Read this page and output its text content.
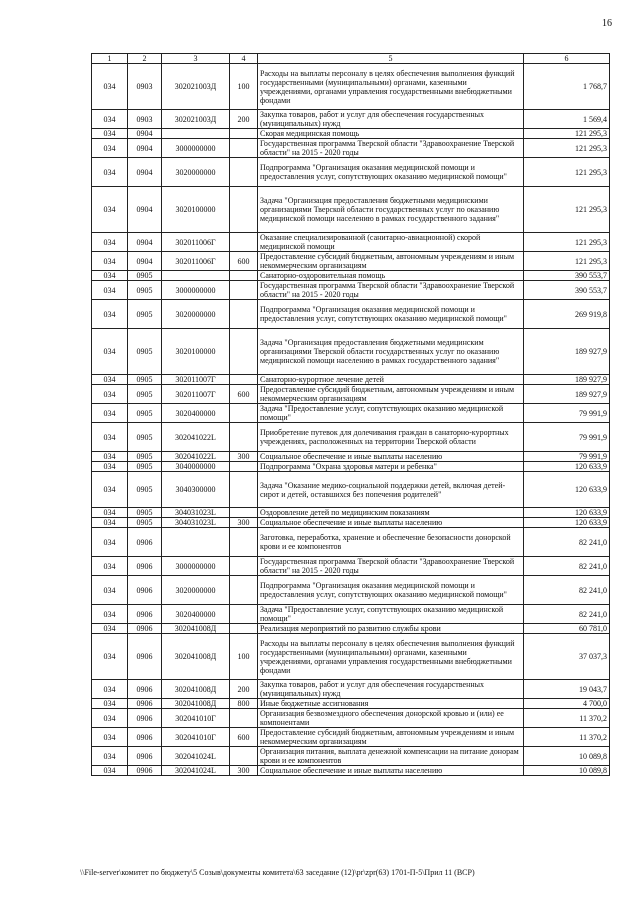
16
1	2	3	4	5	6
034	0903	302021003Д	100	Расходы на выплаты персоналу в целях обеспечения выполнения функций государственными (муниципальными) органами, казенными учреждениями, органами управления государственными внебюджетными фондами	1 768,7
034	0903	302021003Д	200	Закупка товаров, работ и услуг для обеспечения государственных (муниципальных) нужд	1 569,4
034	0904			Скорая медицинская помощь	121 295,3
034	0904	3000000000		Государственная программа Тверской области "Здравоохранение Тверской области" на 2015 - 2020 годы	121 295,3
034	0904	3020000000		Подпрограмма "Организация оказания медицинской помощи и предоставления услуг, сопутствующих оказанию медицинской помощи"	121 295,3
034	0904	3020100000		Задача "Организация предоставления бюджетными медицинскими организациями Тверской области государственных услуг по оказанию медицинской помощи населению в рамках государственного задания"	121 295,3
034	0904	302011006Г		Оказание специализированной (санитарно-авиационной) скорой медицинской помощи	121 295,3
034	0904	302011006Г	600	Предоставление субсидий бюджетным, автономным учреждениям и иным некоммерческим организациям	121 295,3
034	0905			Санаторно-оздоровительная помощь	390 553,7
034	0905	3000000000		Государственная программа Тверской области "Здравоохранение Тверской области" на 2015 - 2020 годы	390 553,7
034	0905	3020000000		Подпрограмма "Организация оказания медицинской помощи и предоставления услуг, сопутствующих оказанию медицинской помощи"	269 919,8
034	0905	3020100000		Задача "Организация предоставления бюджетными медицинским организациями Тверской области государственных услуг по оказанию медицинской помощи населению в рамках государственного задания"	189 927,9
034	0905	302011007Г		Санаторно-курортное лечение детей	189 927,9
034	0905	302011007Г	600	Предоставление субсидий бюджетным, автономным учреждениям и иным некоммерческим организациям	189 927,9
034	0905	3020400000		Задача "Предоставление услуг, сопутствующих оказанию медицинской помощи"	79 991,9
034	0905	302041022L		Приобретение путевок для долечивания граждан в санаторно-курортных учреждениях, расположенных на территории Тверской области	79 991,9
034	0905	302041022L	300	Социальное обеспечение и иные выплаты населению	79 991,9
034	0905	3040000000		Подпрограмма "Охрана здоровья матери и ребенка"	120 633,9
034	0905	3040300000		Задача "Оказание медико-социальной поддержки детей, включая детей-сирот и детей, оставшихся без попечения родителей"	120 633,9
034	0905	304031023L		Оздоровление детей по медицинским показаниям	120 633,9
034	0905	304031023L	300	Социальное обеспечение и иные выплаты населению	120 633,9
034	0906			Заготовка, переработка, хранение и обеспечение безопасности донорской крови и ее компонентов	82 241,0
034	0906	3000000000		Государственная программа Тверской области "Здравоохранение Тверской области" на 2015 - 2020 годы	82 241,0
034	0906	3020000000		Подпрограмма "Организация оказания медицинской помощи и предоставления услуг, сопутствующих оказанию медицинской помощи"	82 241,0
034	0906	3020400000		Задача "Предоставление услуг, сопутствующих оказанию медицинской помощи"	82 241,0
034	0906	302041008Д		Реализация мероприятий по развитию службы крови	60 781,0
034	0906	302041008Д	100	Расходы на выплаты персоналу в целях обеспечения выполнения функций государственными (муниципальными) органами, казенными учреждениями, органами управления государственными внебюджетными фондами	37 037,3
034	0906	302041008Д	200	Закупка товаров, работ и услуг для обеспечения государственных (муниципальных) нужд	19 043,7
034	0906	302041008Д	800	Иные бюджетные ассигнования	4 700,0
034	0906	302041010Г		Организация безвозмездного обеспечения донорской кровью и (или) ее компонентами	11 370,2
034	0906	302041010Г	600	Предоставление субсидий бюджетным, автономным учреждениям и иным некоммерческим организациям	11 370,2
034	0906	302041024L		Организация питания, выплата денежной компенсации на питание донорам крови и ее компонентов	10 089,8
034	0906	302041024L	300	Социальное обеспечение и иные выплаты населению	10 089,8
\\File-server\комитет по бюджету\5 Созыв\документы комитета\63 заседание (12)\pr\zpr(63) 1701-П-5\Прил 11 (ВСР)
